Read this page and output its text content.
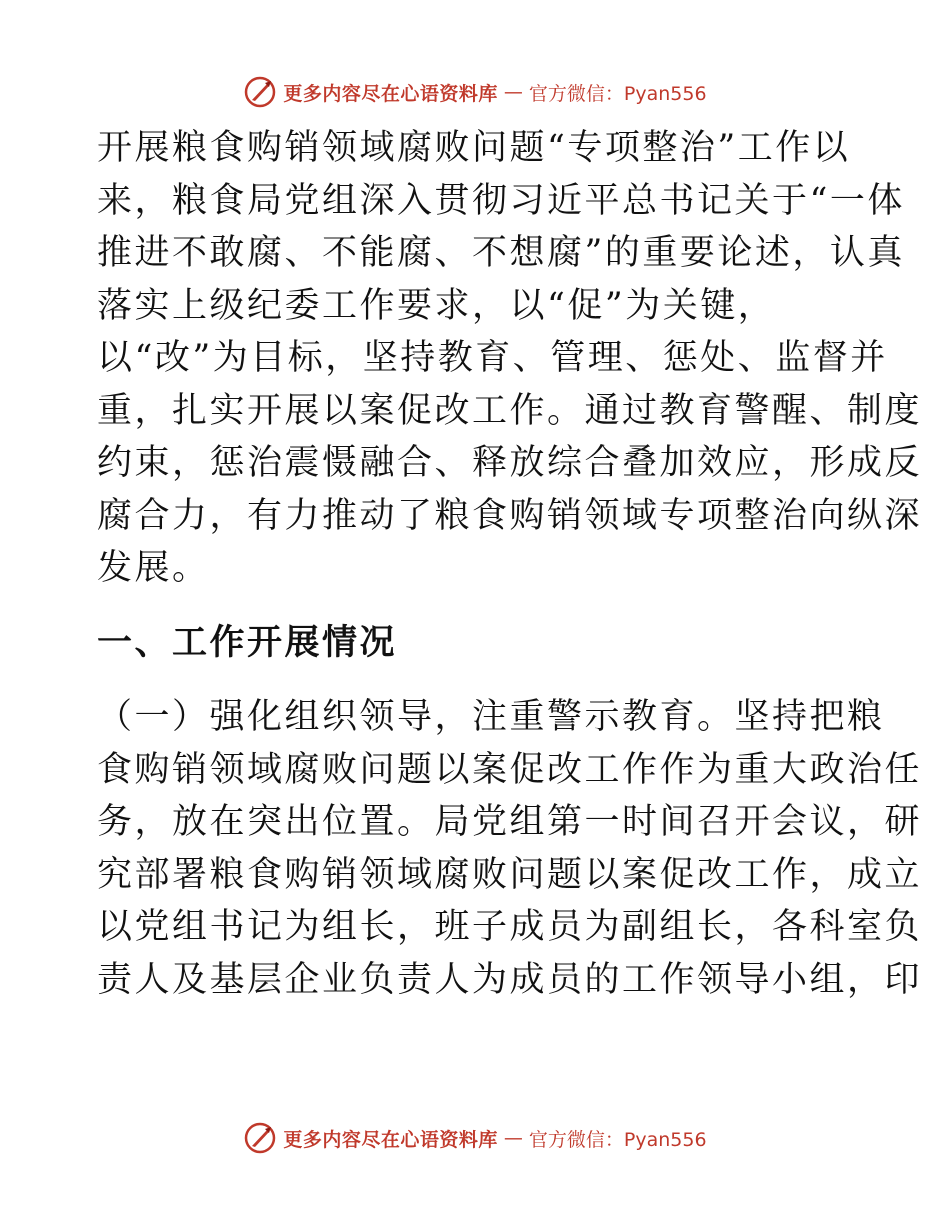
更多内容尽在心语资料库 — 官方微信：Pyan556

开展粮食购销领域腐败问题“专项整治”工作以
来，粮食局党组深入贯彻习近平总书记关于“一体
推进不敢腐、不能腐、不想腐”的重要论述，认真
落实上级纪委工作要求，以“促”为关键，
以“改”为目标，坚持教育、管理、惩处、监督并
重，扎实开展以案促改工作。通过教育警醒、制度
约束，惩治震慑融合、释放综合叠加效应，形成反
腐合力，有力推动了粮食购销领域专项整治向纵深
发展。

一、工作开展情况

（一）强化组织领导，注重警示教育。坚持把粮
食购销领域腐败问题以案促改工作作为重大政治任
务，放在突出位置。局党组第一时间召开会议，研
究部署粮食购销领域腐败问题以案促改工作，成立
以党组书记为组长，班子成员为副组长，各科室负
责人及基层企业负责人为成员的工作领导小组，印

更多内容尽在心语资料库 — 官方微信：Pyan556
